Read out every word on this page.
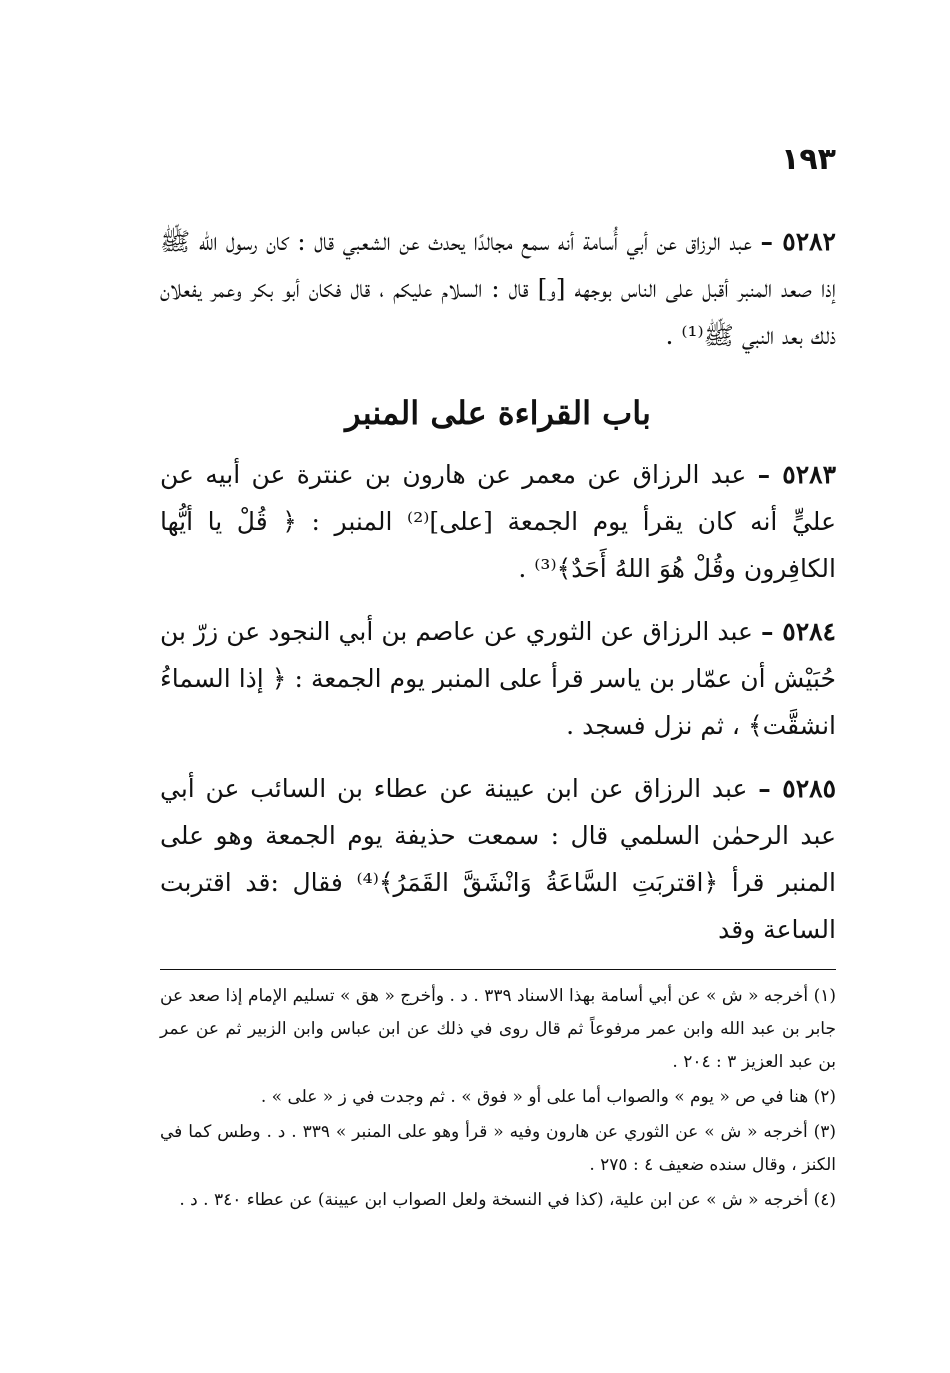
١٩٣

٥٢٨٢ – عبد الرزاق عن أبي أُسامة أنه سمع مجالدًا يحدث عن الشعبي قال : كان رسول الله ﷺ إذا صعد المنبر أقبل على الناس بوجهه [و] قال : السلام عليكم ، قال فكان أبو بكر وعمر يفعلان ذلك بعد النبي ﷺ⁽¹⁾ .

باب القراءة على المنبر

٥٢٨٣ – عبد الرزاق عن معمر عن هارون بن عنترة عن أبيه عن عليٍّ أنه كان يقرأ يوم الجمعة [على]⁽²⁾ المنبر : ﴿ قُلْ يا أيُّها الكافِرون وقُلْ هُوَ اللهُ أَحَدٌ﴾⁽³⁾ .

٥٢٨٤ – عبد الرزاق عن الثوري عن عاصم بن أبي النجود عن زرّ بن حُبَيْش أن عمّار بن ياسر قرأ على المنبر يوم الجمعة : ﴿ إذا السماءُ انشقَّت﴾ ، ثم نزل فسجد .

٥٢٨٥ – عبد الرزاق عن ابن عيينة عن عطاء بن السائب عن أبي عبد الرحمٰن السلمي قال : سمعت حذيفة يوم الجمعة وهو على المنبر قرأ ﴿اقتربَتِ السَّاعَةُ وَانْشَقَّ القَمَرُ﴾⁽⁴⁾ فقال :قد اقتربت الساعة وقد

(١) أخرجه « ش » عن أبي أسامة بهذا الاسناد ٣٣٩ . د . وأخرج « هق » تسليم الإمام إذا صعد عن جابر بن عبد الله وابن عمر مرفوعاً ثم قال روى في ذلك عن ابن عباس وابن الزبير ثم عن عمر بن عبد العزيز ٣ : ٢٠٤ .

(٢) هنا في ص « يوم » والصواب أما على أو « فوق » . ثم وجدت في ز « على » .

(٣) أخرجه « ش » عن الثوري عن هارون وفيه « قرأ وهو على المنبر » ٣٣٩ . د . وطس كما في الكنز ، وقال سنده ضعيف ٤ : ٢٧٥ .

(٤) أخرجه « ش » عن ابن علية، (كذا في النسخة ولعل الصواب ابن عيينة) عن عطاء ٣٤٠ . د .
